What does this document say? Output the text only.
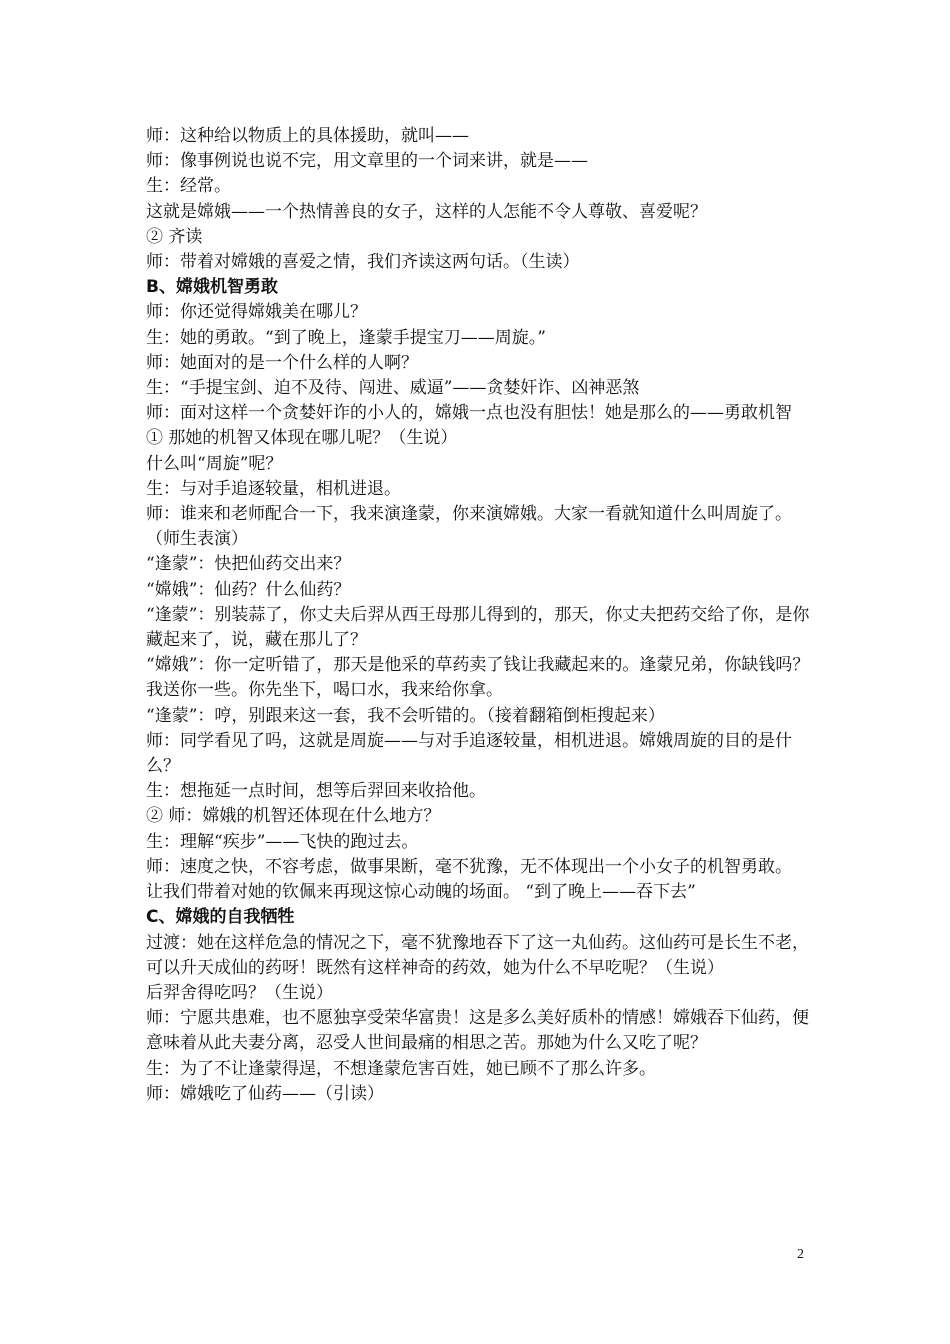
师：这种给以物质上的具体援助，就叫——

师：像事例说也说不完，用文章里的一个词来讲，就是——

生：经常。

这就是嫦娥——一个热情善良的女子，这样的人怎能不令人尊敬、喜爱呢？

② 齐读

师：带着对嫦娥的喜爱之情，我们齐读这两句话。（生读）

B、嫦娥机智勇敢

师：你还觉得嫦娥美在哪儿？

生：她的勇敢。“到了晚上，逢蒙手提宝刀——周旋。”

师：她面对的是一个什么样的人啊？

生：“手提宝剑、迫不及待、闯进、威逼”——贪婪奸诈、凶神恶煞

师：面对这样一个贪婪奸诈的小人的，嫦娥一点也没有胆怯！她是那么的——勇敢机智

① 那她的机智又体现在哪儿呢？（生说）

什么叫“周旋”呢？

生：与对手追逐较量，相机进退。

师：谁来和老师配合一下，我来演逢蒙，你来演嫦娥。大家一看就知道什么叫周旋了。（师生表演）

“逢蒙”：快把仙药交出来？

“嫦娥”：仙药？什么仙药？

“逢蒙”：别装蒜了，你丈夫后羿从西王母那儿得到的，那天，你丈夫把药交给了你，是你藏起来了，说，藏在那儿了？

“嫦娥”：你一定听错了，那天是他采的草药卖了钱让我藏起来的。逢蒙兄弟，你缺钱吗？我送你一些。你先坐下，喝口水，我来给你拿。

“逢蒙”：哼，别跟来这一套，我不会听错的。（接着翻箱倒柜搜起来）

师：同学看见了吗，这就是周旋——与对手追逐较量，相机进退。嫦娥周旋的目的是什么？

生：想拖延一点时间，想等后羿回来收拾他。

② 师：嫦娥的机智还体现在什么地方？

生：理解“疾步”——飞快的跑过去。

师：速度之快，不容考虑，做事果断，毫不犹豫，无不体现出一个小女子的机智勇敢。

让我们带着对她的钦佩来再现这惊心动魄的场面。 “到了晚上——吞下去”

C、嫦娥的自我牺牲

过渡：她在这样危急的情况之下，毫不犹豫地吞下了这一丸仙药。这仙药可是长生不老，可以升天成仙的药呀！既然有这样神奇的药效，她为什么不早吃呢？（生说）

后羿舍得吃吗？（生说）

师：宁愿共患难，也不愿独享受荣华富贵！这是多么美好质朴的情感！嫦娥吞下仙药，便意味着从此夫妻分离，忍受人世间最痛的相思之苦。那她为什么又吃了呢？

生：为了不让逢蒙得逞，不想逢蒙危害百姓，她已顾不了那么许多。

师：嫦娥吃了仙药——（引读）

2
